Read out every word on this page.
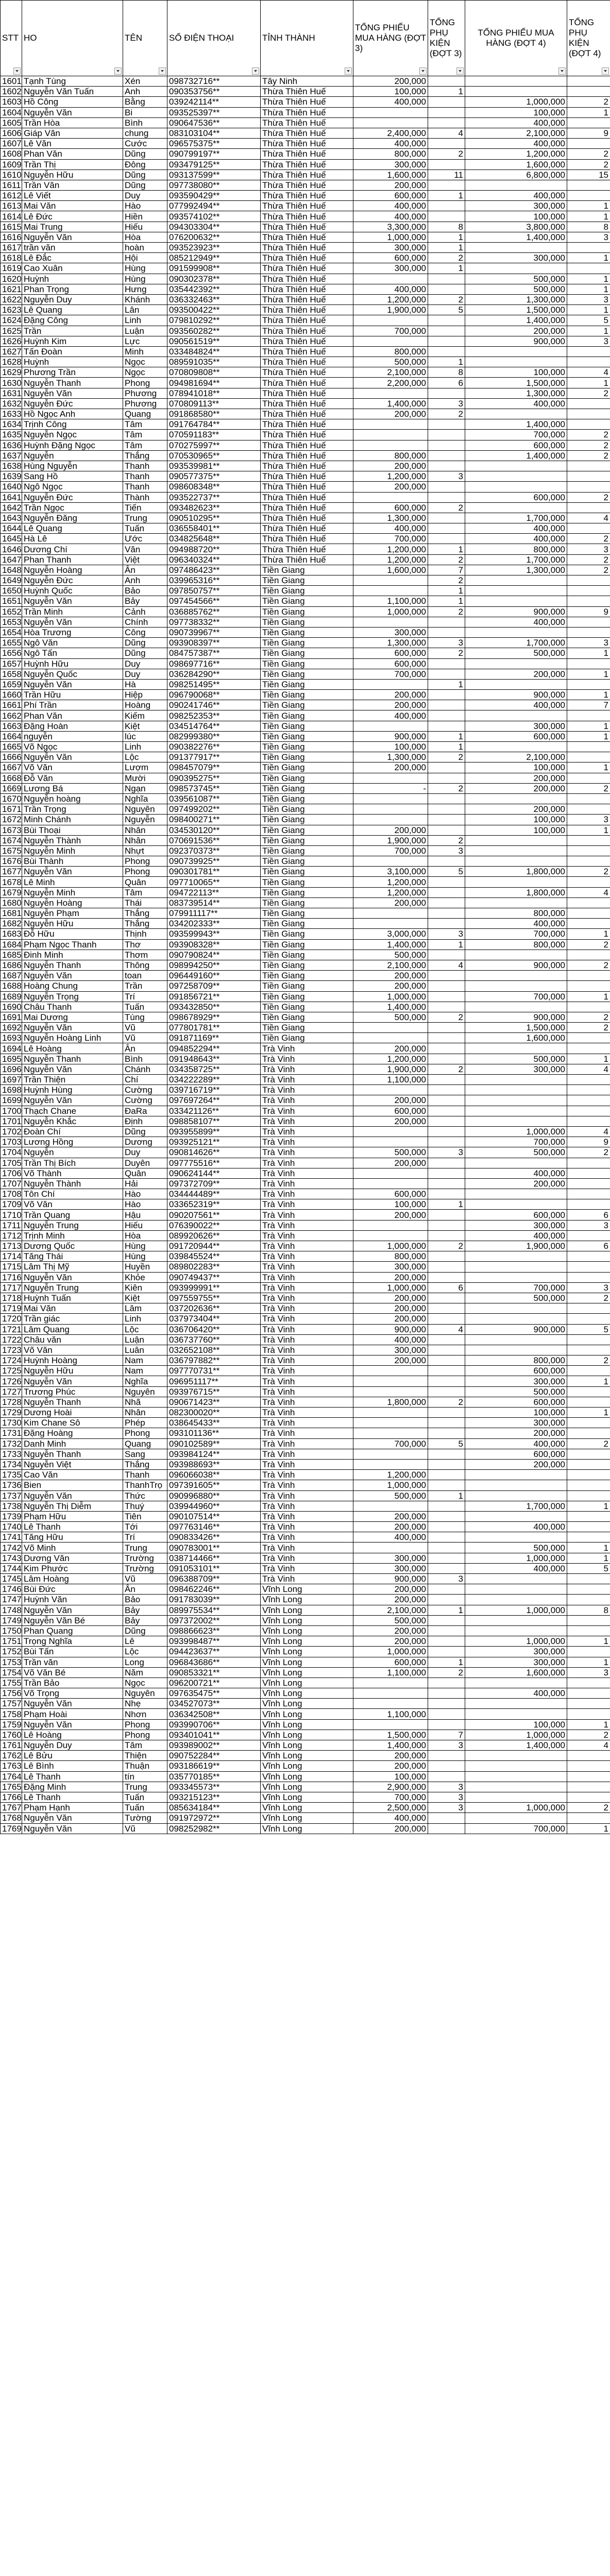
STT	HO	TÊN	SỐ ĐIỆN THOẠI	TỈNH THÀNH	TỔNG PHIẾU MUA HÀNG (ĐỢT 3)	TỔNG PHỤ KIỆN (ĐỢT 3)	TỔNG PHIẾU MUA HÀNG (ĐỢT 4)	TỔNG PHỤ KIỆN (ĐỢT 4)

1601	Tạnh Tùng	Xén	098732716**	Tây Ninh	200,000			
1602	Nguyễn Văn Tuấn	Anh	090353756**	Thừa Thiên Huế	100,000	1		
1603	Hồ Công	Bằng	039242114**	Thừa Thiên Huế	400,000		1,000,000	2
1604	Nguyễn Văn	Bi	093525397**	Thừa Thiên Huế			100,000	1
1605	Trần Hòa	Bình	090647536**	Thừa Thiên Huế			400,000	
1606	Giáp Văn	chung	083103104**	Thừa Thiên Huế	2,400,000	4	2,100,000	9
1607	Lê Văn	Cước	096575375**	Thừa Thiên Huế	400,000		400,000	
1608	Phan Văn	Dũng	090799197**	Thừa Thiên Huế	800,000	2	1,200,000	2
1609	Trần Thị	Đông	093479125**	Thừa Thiên Huế	300,000		1,600,000	2
1610	Nguyễn Hữu	Dũng	093137599**	Thừa Thiên Huế	1,600,000	11	6,800,000	15
1611	Trần Văn	Dũng	097738080**	Thừa Thiên Huế	200,000			
1612	Lê Viết	Duy	093590429**	Thừa Thiên Huế	600,000	1	400,000	
1613	Mai Văn	Hào	077992494**	Thừa Thiên Huế	400,000		300,000	1
1614	Lê Đức	Hiền	093574102**	Thừa Thiên Huế	400,000		100,000	1
1615	Mai Trung	Hiếu	094303304**	Thừa Thiên Huế	3,300,000	8	3,800,000	8
1616	Nguyễn Văn	Hòa	076200632**	Thừa Thiên Huế	1,000,000	1	1,400,000	3
1617	trần văn	hoàn	093523923**	Thừa Thiên Huế	300,000	1		
1618	Lê Đắc	Hội	085212949**	Thừa Thiên Huế	600,000	2	300,000	1
1619	Cao Xuân	Hùng	091599908**	Thừa Thiên Huế	300,000	1		
1620	Huỳnh	Hùng	090302378**	Thừa Thiên Huế			500,000	1
1621	Phan Trọng	Hưng	035442392**	Thừa Thiên Huế	400,000		500,000	1
1622	Nguyễn Duy	Khánh	036332463**	Thừa Thiên Huế	1,200,000	2	1,300,000	3
1623	Lê Quang	Lân	093500422**	Thừa Thiên Huế	1,900,000	5	1,500,000	1
1624	Đặng Công	Linh	079810292**	Thừa Thiên Huế			1,400,000	5
1625	Trần	Luận	093560282**	Thừa Thiên Huế	700,000		200,000	1
1626	Huỳnh Kim	Lực	090561519**	Thừa Thiên Huế			900,000	3
1627	Tấn Đoàn	Minh	033484824**	Thừa Thiên Huế	800,000			
1628	Huỳnh	Ngọc	089591035**	Thừa Thiên Huế	500,000	1		
1629	Phương Trần	Ngọc	070809808**	Thừa Thiên Huế	2,100,000	8	100,000	4
1630	Nguyễn Thanh	Phong	094981694**	Thừa Thiên Huế	2,200,000	6	1,500,000	1
1631	Nguyễn Văn	Phương	078941018**	Thừa Thiên Huế			1,300,000	2
1632	Nguyễn Đức	Phương	070809113**	Thừa Thiên Huế	1,400,000	3	400,000	
1633	Hồ Ngọc Anh	Quang	091868580**	Thừa Thiên Huế	200,000	2		
1634	Trịnh Công	Tâm	091764784**	Thừa Thiên Huế			1,400,000	
1635	Nguyễn Ngọc	Tâm	070591183**	Thừa Thiên Huế			700,000	2
1636	Huỳnh Đặng Ngọc	Tâm	070275997**	Thừa Thiên Huế			600,000	2
1637	Nguyễn	Thắng	070530965**	Thừa Thiên Huế	800,000		1,400,000	2
1638	Hùng Nguyễn	Thanh	093539981**	Thừa Thiên Huế	200,000			
1639	Sang Hồ	Thanh	090577375**	Thừa Thiên Huế	1,200,000	3		
1640	Ngô Ngọc	Thanh	098608348**	Thừa Thiên Huế	200,000			
1641	Nguyễn Đức	Thành	093522737**	Thừa Thiên Huế			600,000	2
1642	Trần Ngọc	Tiến	093482623**	Thừa Thiên Huế	600,000	2		
1643	Nguyễn Đăng	Trung	090510295**	Thừa Thiên Huế	1,300,000		1,700,000	4
1644	Lê Quang	Tuấn	036558401**	Thừa Thiên Huế	400,000		400,000	
1645	Hà Lê	Ước	034825648**	Thừa Thiên Huế	700,000		400,000	2
1646	Dương Chí	Văn	094988720**	Thừa Thiên Huế	1,200,000	1	800,000	3
1647	Phan Thanh	Việt	096340324**	Thừa Thiên Huế	1,200,000	2	1,700,000	2
1648	Nguyễn Hoàng	Ân	097486423**	Tiền Giang	1,600,000	7	1,300,000	2
1649	Nguyễn Đức	Anh	039965316**	Tiền Giang		2		
1650	Huỳnh Quốc	Bảo	097850757**	Tiền Giang		1		
1651	Nguyễn Văn	Bảy	097454566**	Tiền Giang	1,100,000	1		
1652	Trần Minh	Cảnh	036885762**	Tiền Giang	1,000,000	2	900,000	9
1653	Nguyễn Văn	Chính	097738332**	Tiền Giang			400,000	
1654	Hòa Trương	Công	090739967**	Tiền Giang	300,000			
1655	Ngô Văn	Dũng	093908397**	Tiền Giang	1,300,000	3	1,700,000	3
1656	Ngô Tấn	Dũng	084757387**	Tiền Giang	600,000	2	500,000	1
1657	Huỳnh Hữu	Duy	098697716**	Tiền Giang	600,000			
1658	Nguyễn Quốc	Duy	036284290**	Tiền Giang	700,000		200,000	1
1659	Nguyễn Văn	Hà	098251495**	Tiền Giang		1		
1660	Trần Hữu	Hiệp	096790068**	Tiền Giang	200,000		900,000	1
1661	Phí Trần	Hoàng	090241746**	Tiền Giang	200,000		400,000	7
1662	Phan Văn	Kiếm	098252353**	Tiền Giang	400,000			
1663	Đặng Hoàn	Kiệt	034514764**	Tiền Giang			300,000	1
1664	nguyễn	lúc	082999380**	Tiền Giang	900,000	1	600,000	1
1665	Võ Ngọc	Linh	090382276**	Tiền Giang	100,000	1		
1666	Nguyễn Văn	Lộc	091377917**	Tiền Giang	1,300,000	2	2,100,000	
1667	Võ Văn	Lượm	098457079**	Tiền Giang	200,000		100,000	1
1668	Đỗ Văn	Mười	090395275**	Tiền Giang			200,000	
1669	Lương Bá	Ngạn	098573745**	Tiền Giang	-	2	200,000	2
1670	Nguyễn hoàng	Nghĩa	039561087**	Tiền Giang				
1671	Trần Trọng	Nguyên	097499202**	Tiền Giang			200,000	
1672	Minh Chánh	Nguyễn	098400271**	Tiền Giang			100,000	3
1673	Bùi Thoại	Nhân	034530120**	Tiền Giang	200,000		100,000	1
1674	Nguyễn Thành	Nhân	070691536**	Tiền Giang	1,900,000	2		
1675	Nguyễn Minh	Nhựt	092370373**	Tiền Giang	700,000	3		
1676	Bùi Thành	Phong	090739925**	Tiền Giang				
1677	Nguyễn Văn	Phong	090301781**	Tiền Giang	3,100,000	5	1,800,000	2
1678	Lê Minh	Quân	097710065**	Tiền Giang	1,200,000			
1679	Nguyễn Minh	Tâm	094722113**	Tiền Giang	1,200,000		1,800,000	4
1680	Nguyễn Hoàng	Thái	083739514**	Tiền Giang	200,000			
1681	Nguyễn Phạm	Thắng	079911117**	Tiền Giang			800,000	
1682	Nguyễn Hữu	Thắng	034202333**	Tiền Giang			400,000	
1683	Đỗ Hữu	Thịnh	093599943**	Tiền Giang	3,000,000	3	700,000	1
1684	Phạm Ngọc Thanh	Thơ	093908328**	Tiền Giang	1,400,000	1	800,000	2
1685	Đinh Minh	Thơm	090790824**	Tiền Giang	500,000			
1686	Nguyễn Thanh	Thông	098994250**	Tiền Giang	2,100,000	4	900,000	2
1687	Nguyễn Văn	toan	096449160**	Tiền Giang	200,000			
1688	Hoàng Chung	Trần	097258709**	Tiền Giang	200,000			
1689	Nguyễn Trọng	Trí	091856721**	Tiền Giang	1,000,000		700,000	1
1690	Châu Thanh	Tuấn	093432850**	Tiền Giang	1,400,000			
1691	Mai Dương	Tùng	098678929**	Tiền Giang	500,000	2	900,000	2
1692	Nguyễn Văn	Vũ	077801781**	Tiền Giang			1,500,000	2
1693	Nguyễn Hoàng Linh	Vũ	091871169**	Tiền Giang			1,600,000	
1694	Lê Hoàng	Ân	094852294**	Trà Vinh	200,000			
1695	Nguyễn Thanh	Bình	091948643**	Trà Vinh	1,200,000		500,000	1
1696	Nguyễn Văn	Chánh	034358725**	Trà Vinh	1,900,000	2	300,000	4
1697	Trần Thiện	Chí	034222289**	Trà Vinh	1,100,000			
1698	Huỳnh Hùng	Cường	039716719**	Trà Vinh				
1699	Nguyễn Văn	Cường	097697264**	Trà Vinh	200,000			
1700	Thạch Chane	ĐaRa	033421126**	Trà Vinh	600,000			
1701	Nguyễn Khắc	Định	098858107**	Trà Vinh	200,000			
1702	Đoàn Chí	Dũng	093955899**	Trà Vinh			1,000,000	4
1703	Lương Hồng	Dương	093925121**	Trà Vinh			700,000	9
1704	Nguyễn	Duy	090814626**	Trà Vinh	500,000	3	500,000	2
1705	Trần Thị Bích	Duyên	097775516**	Trà Vinh	200,000			
1706	Võ Thành	Quân	090624144**	Trà Vinh			400,000	
1707	Nguyễn Thành	Hải	097372709**	Trà Vinh			200,000	
1708	Tôn Chí	Hào	034444489**	Trà Vinh	600,000			
1709	Võ Văn	Hào	033652319**	Trà Vinh	100,000	1		
1710	Trần Quang	Hậu	090207561**	Trà Vinh	200,000		600,000	6
1711	Nguyễn Trung	Hiếu	076390022**	Trà Vinh			300,000	3
1712	Trịnh Minh	Hòa	089920626**	Trà Vinh			400,000	
1713	Dương Quốc	Hùng	091720944**	Trà Vinh	1,000,000	2	1,900,000	6
1714	Tăng Thái	Hùng	039845524**	Trà Vinh	800,000			
1715	Lâm Thị Mỹ	Huyền	089802283**	Trà Vinh	300,000			
1716	Nguyễn Văn	Khỏe	090749437**	Trà Vinh	200,000			
1717	Nguyễn Trung	Kiên	093999991**	Trà Vinh	1,000,000	6	700,000	3
1718	Huỳnh Tuấn	Kiệt	097559755**	Trà Vinh	200,000		500,000	2
1719	Mai Văn	Lâm	037202636**	Trà Vinh	200,000			
1720	Trần giác	Linh	037973404**	Trà Vinh	200,000			
1721	Lâm Quang	Lộc	036706420**	Trà Vinh	900,000	4	900,000	5
1722	Châu văn	Luận	036737760**	Trà Vinh	400,000			
1723	Võ Văn	Luân	032652108**	Trà Vinh	300,000			
1724	Huỳnh Hoàng	Nam	036797882**	Trà Vinh	200,000		800,000	2
1725	Nguyễn Hữu	Nam	097770731**	Trà Vinh			600,000	
1726	Nguyễn Văn	Nghĩa	096951117**	Trà Vinh			300,000	1
1727	Trương Phúc	Nguyên	093976715**	Trà Vinh			500,000	
1728	Nguyễn Thanh	Nhã	090671423**	Trà Vinh	1,800,000	2	600,000	
1729	Dương Hoài	Nhân	082300020**	Trà Vinh			100,000	1
1730	Kim Chane Sô	Phép	038645433**	Trà Vinh			300,000	
1731	Đặng Hoàng	Phong	093101136**	Trà Vinh			200,000	
1732	Danh Minh	Quang	090102589**	Trà Vinh	700,000	5	400,000	2
1733	Nguyễn Thanh	Sang	093984124**	Trà Vinh			600,000	
1734	Nguyễn Việt	Thắng	093988693**	Trà Vinh			200,000	
1735	Cao Văn	Thanh	096066038**	Trà Vinh	1,200,000			
1736	Bien	ThanhTrọ	097391605**	Trà Vinh	1,000,000			
1737	Nguyễn Văn	Thức	090996880**	Trà Vinh	500,000	1		
1738	Nguyễn Thị Diễm	Thuý	039944960**	Trà Vinh			1,700,000	1
1739	Phạm Hữu	Tiên	090107514**	Trà Vinh	200,000			
1740	Lê Thanh	Tới	097763146**	Trà Vinh	200,000		400,000	
1741	Tăng Hữu	Trí	090833426**	Trà Vinh	400,000			
1742	Võ Minh	Trung	090783001**	Trà Vinh			500,000	1
1743	Dương Văn	Trường	038714466**	Trà Vinh	300,000		1,000,000	1
1744	Kim Phước	Trường	091053101**	Trà Vinh	300,000		400,000	5
1745	Lâm Hoàng	Vũ	096388709**	Trà Vinh	900,000	3		
1746	Bùi Đức	Ân	098462246**	Vĩnh Long	200,000			
1747	Huỳnh Văn	Bảo	091783039**	Vĩnh Long	200,000			
1748	Nguyễn Văn	Bảy	089975534**	Vĩnh Long	2,100,000	1	1,000,000	8
1749	Nguyễn Văn Bé	Bảy	097372002**	Vĩnh Long	500,000			
1750	Phan Quang	Dũng	098866623**	Vĩnh Long	200,000			
1751	Trọng Nghĩa	Lê	093998487**	Vĩnh Long	200,000		1,000,000	1
1752	Bùi Tấn	Lộc	094423637**	Vĩnh Long	1,000,000		300,000	
1753	Trần văn	Long	096843686**	Vĩnh Long	600,000	1	300,000	1
1754	Võ Văn Bé	Năm	090853321**	Vĩnh Long	1,100,000	2	1,600,000	3
1755	Trần Bảo	Ngọc	096200721**	Vĩnh Long				
1756	Võ Trọng	Nguyên	097635475**	Vĩnh Long			400,000	
1757	Nguyễn Văn	Nhẹ	034527073**	Vĩnh Long				
1758	Phạm Hoài	Nhơn	036342508**	Vĩnh Long	1,100,000			
1759	Nguyễn Văn	Phong	093990706**	Vĩnh Long			100,000	1
1760	Lê Hoàng	Phong	093401041**	Vĩnh Long	1,500,000	7	1,000,000	2
1761	Nguyễn Duy	Tâm	093989002**	Vĩnh Long	1,400,000	3	1,400,000	4
1762	Lê Bửu	Thiện	090752284**	Vĩnh Long	200,000			
1763	Lê Bình	Thuận	093186619**	Vĩnh Long	200,000			
1764	Lê Thanh	tín	035770185**	Vĩnh Long	100,000			
1765	Đặng Minh	Trung	093345573**	Vĩnh Long	2,900,000	3		
1766	Lê Thanh	Tuấn	093215123**	Vĩnh Long	700,000	3		
1767	Phạm Hạnh	Tuấn	085634184**	Vĩnh Long	2,500,000	3	1,000,000	2
1768	Nguyễn Văn	Tường	091972972**	Vĩnh Long	400,000			
1769	Nguyễn Văn	Vũ	098252982**	Vĩnh Long	200,000		700,000	1
